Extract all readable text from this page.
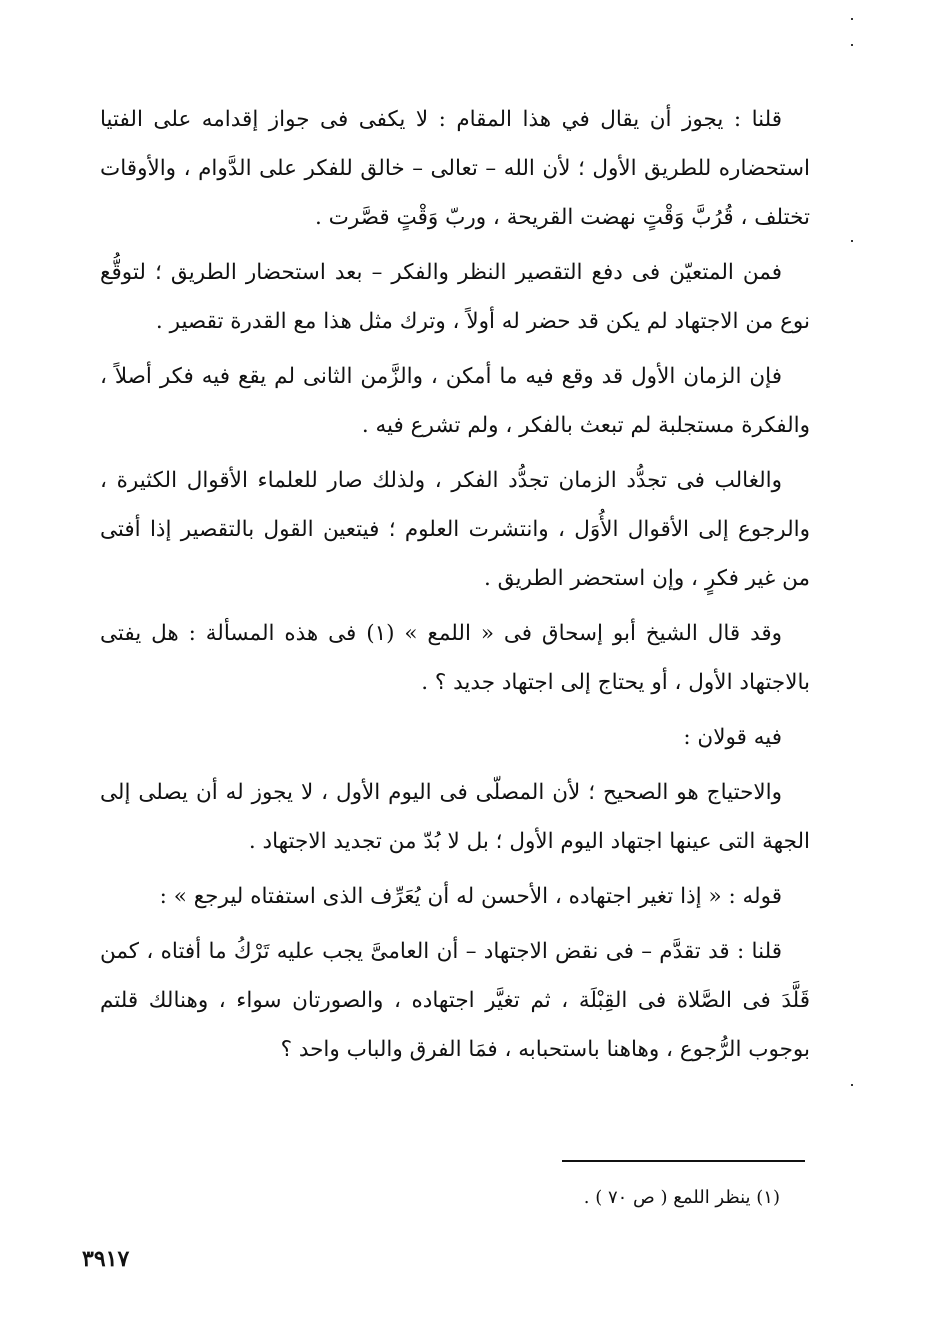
قلنا : يجوز أن يقال في هذا المقام : لا يكفى فى جواز إقدامه على الفتيا استحضاره للطريق الأول ؛ لأن الله – تعالى – خالق للفكر على الدَّوام ، والأوقات تختلف ، قُرُبَّ وَقْتٍ نهضت القريحة ، وربّ وَقْتٍ قصَّرت .

فمن المتعيّن فى دفع التقصير النظر والفكر – بعد استحضار الطريق ؛ لتوقُّع نوع من الاجتهاد لم يكن قد حضر له أولاً ، وترك مثل هذا مع القدرة تقصير .

فإن الزمان الأول قد وقع فيه ما أمكن ، والزَّمن الثانى لم يقع فيه فكر أصلاً ، والفكرة مستجلبة لم تبعث بالفكر ، ولم تشرع فيه .

والغالب فى تجدُّد الزمان تجدُّد الفكر ، ولذلك صار للعلماء الأقوال الكثيرة ، والرجوع إلى الأقوال الأُوَل ، وانتشرت العلوم ؛ فيتعين القول بالتقصير إذا أفتى من غير فكرٍ ، وإن استحضر الطريق .

وقد قال الشيخ أبو إسحاق فى « اللمع » (١) فى هذه المسألة : هل يفتى بالاجتهاد الأول ، أو يحتاج إلى اجتهاد جديد ؟ .

فيه قولان :

والاحتياج هو الصحيح ؛ لأن المصلّى فى اليوم الأول ، لا يجوز له أن يصلى إلى الجهة التى عينها اجتهاد اليوم الأول ؛ بل لا بُدّ من تجديد الاجتهاد .

قوله : « إذا تغير اجتهاده ، الأحسن له أن يُعَرِّف الذى استفتاه ليرجع » :

قلنا : قد تقدَّم – فى نقض الاجتهاد – أن العامىَّ يجب عليه تَرْكُ ما أفتاه ، كمن قَلَّدَ فى الصَّلاة فى القِبْلَة ، ثم تغيَّر اجتهاده ، والصورتان سواء ، وهنالك قلتم بوجوب الرُّجوع ، وهاهنا باستحبابه ، فمَا الفرق والباب واحد ؟

(١) ينظر اللمع ( ص ٧٠ ) .
٣٩١٧
